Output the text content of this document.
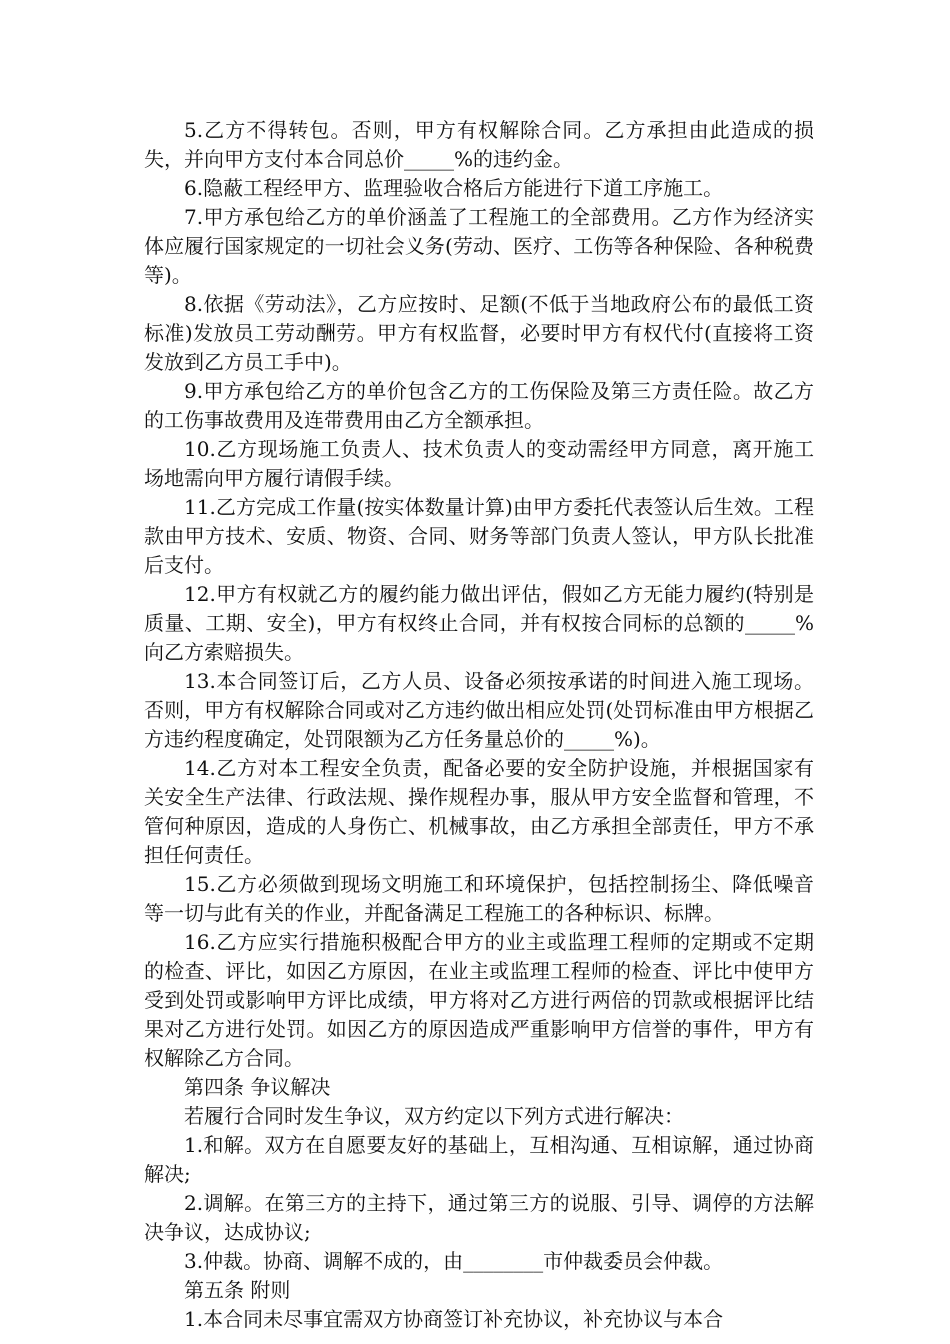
5.乙方不得转包。否则，甲方有权解除合同。乙方承担由此造成的损失，并向甲方支付本合同总价_____%的违约金。

6.隐蔽工程经甲方、监理验收合格后方能进行下道工序施工。

7.甲方承包给乙方的单价涵盖了工程施工的全部费用。乙方作为经济实体应履行国家规定的一切社会义务(劳动、医疗、工伤等各种保险、各种税费等)。

8.依据《劳动法》，乙方应按时、足额(不低于当地政府公布的最低工资标准)发放员工劳动酬劳。甲方有权监督，必要时甲方有权代付(直接将工资发放到乙方员工手中)。

9.甲方承包给乙方的单价包含乙方的工伤保险及第三方责任险。故乙方的工伤事故费用及连带费用由乙方全额承担。

10.乙方现场施工负责人、技术负责人的变动需经甲方同意，离开施工场地需向甲方履行请假手续。

11.乙方完成工作量(按实体数量计算)由甲方委托代表签认后生效。工程款由甲方技术、安质、物资、合同、财务等部门负责人签认，甲方队长批准后支付。

12.甲方有权就乙方的履约能力做出评估，假如乙方无能力履约(特别是质量、工期、安全)，甲方有权终止合同，并有权按合同标的总额的_____%向乙方索赔损失。

13.本合同签订后，乙方人员、设备必须按承诺的时间进入施工现场。否则，甲方有权解除合同或对乙方违约做出相应处罚(处罚标准由甲方根据乙方违约程度确定，处罚限额为乙方任务量总价的_____%)。

14.乙方对本工程安全负责，配备必要的安全防护设施，并根据国家有关安全生产法律、行政法规、操作规程办事，服从甲方安全监督和管理，不管何种原因，造成的人身伤亡、机械事故，由乙方承担全部责任，甲方不承担任何责任。

15.乙方必须做到现场文明施工和环境保护，包括控制扬尘、降低噪音等一切与此有关的作业，并配备满足工程施工的各种标识、标牌。

16.乙方应实行措施积极配合甲方的业主或监理工程师的定期或不定期的检查、评比，如因乙方原因，在业主或监理工程师的检查、评比中使甲方受到处罚或影响甲方评比成绩，甲方将对乙方进行两倍的罚款或根据评比结果对乙方进行处罚。如因乙方的原因造成严重影响甲方信誉的事件，甲方有权解除乙方合同。

第四条 争议解决

若履行合同时发生争议，双方约定以下列方式进行解决：

1.和解。双方在自愿要友好的基础上，互相沟通、互相谅解，通过协商解决;

2.调解。在第三方的主持下，通过第三方的说服、引导、调停的方法解决争议，达成协议;

3.仲裁。协商、调解不成的，由________市仲裁委员会仲裁。

第五条 附则

1.本合同未尽事宜需双方协商签订补充协议，补充协议与本合
